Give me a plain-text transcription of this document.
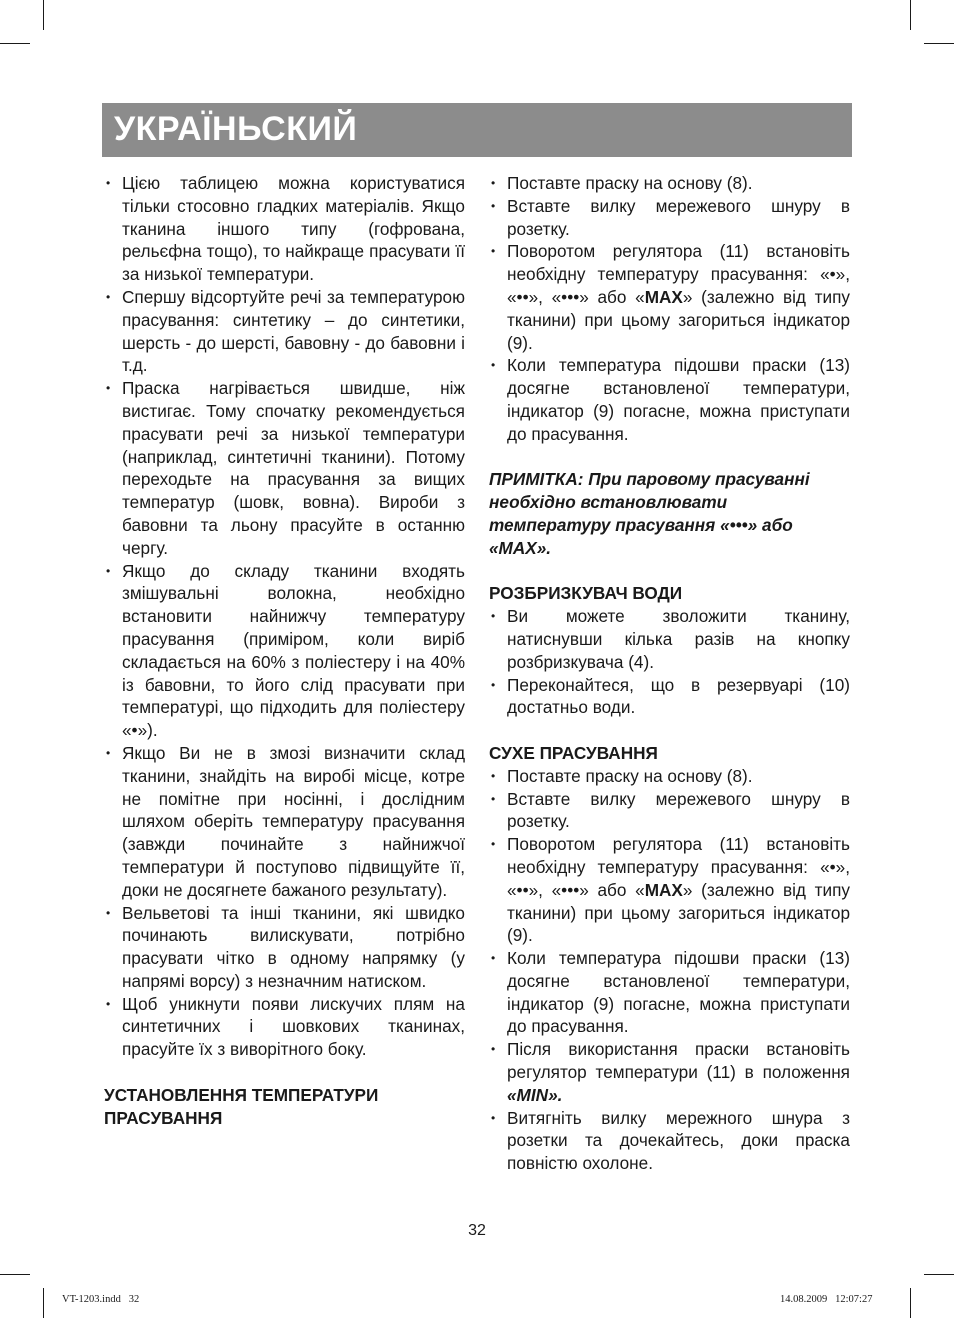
УКРАЇНЬСКИЙ
• Цією таблицею можна користуватися тільки стосовно гладких матеріалів. Якщо тканина іншого типу (гофрована, рельєфна тощо), то найкраще прасувати її за низької температури.
• Спершу відсортуйте речі за температурою прасування: синтетику – до синтетики, шерсть - до шерсті, бавовну - до бавовни і т.д.
• Праска нагрівається швидше, ніж вистигає. Тому спочатку рекомендується прасувати речі за низької температури (наприклад, синтетичні тканини). Потому переходьте на прасування за вищих температур (шовк, вовна). Вироби з бавовни та льону прасуйте в останню чергу.
• Якщо до складу тканини входять змішувальні волокна, необхідно встановити найнижчу температуру прасування (приміром, коли виріб складається на 60% з поліестеру і на 40% із бавовни, то його слід прасувати при температурі, що підходить для поліестеру «•»).
• Якщо Ви не в змозі визначити склад тканини, знайдіть на виробі місце, котре не помітне при носінні, і дослідним шляхом оберіть температуру прасування (завжди починайте з найнижчої температури й поступово підвищуйте її, доки не досягнете бажаного результату).
• Вельветові та інші тканини, які швидко починають вилискувати, потрібно прасувати чітко в одному напрямку (у напрямі ворсу) з незначним натиском.
• Щоб уникнути появи лискучих плям на синтетичних і шовкових тканинах, прасуйте їх з виворітного боку.

УСТАНОВЛЕННЯ ТЕМПЕРАТУРИ
ПРАСУВАННЯ

• Поставте праску на основу (8).
• Вставте вилку мережевого шнуру в розетку.
• Поворотом регулятора (11) встановіть необхідну температуру прасування: «•», «••», «•••» або «MAX» (залежно від типу тканини) при цьому загориться індикатор (9).
• Коли температура підошви праски (13) досягне встановленої температури, індикатор (9) погасне, можна приступати до прасування.

ПРИМІТКА: При паровому прасуванні необхідно встановлювати температуру прасування «•••» або «MAX».

РОЗБРИЗКУВАЧ ВОДИ

• Ви можете зволожити тканину, натиснувши кілька разів на кнопку розбризкувача (4).
• Переконайтеся, що в резервуарі (10) достатньо води.

СУХЕ ПРАСУВАННЯ

• Поставте праску на основу (8).
• Вставте вилку мережевого шнуру в розетку.
• Поворотом регулятора (11) встановіть необхідну температуру прасування: «•», «••», «•••» або «MAX» (залежно від типу тканини) при цьому загориться індикатор (9).
• Коли температура підошви праски (13) досягне встановленої температури, індикатор (9) погасне, можна приступати до прасування.
• Після використання праски встановіть регулятор температури (11) в положення «MIN».
• Витягніть вилку мережного шнура з розетки та дочекайтесь, доки праска повністю охолоне.
32
VT-1203.indd   32	14.08.2009   12:07:27
